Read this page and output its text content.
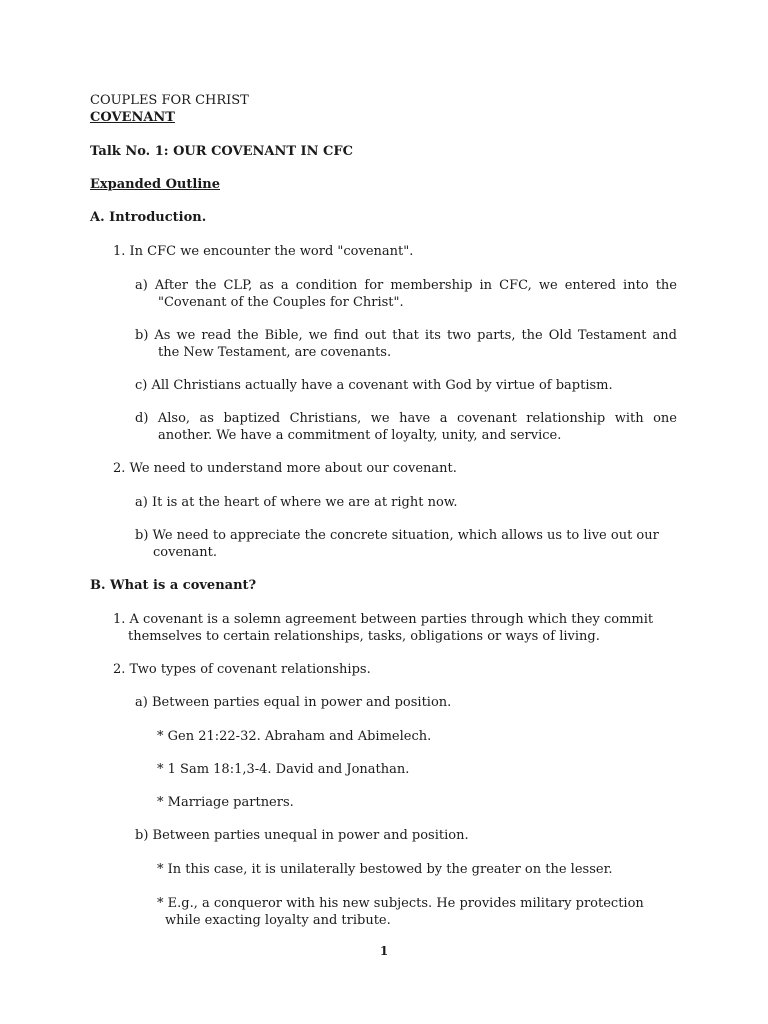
COUPLES FOR CHRIST
COVENANT
Talk No. 1: OUR COVENANT IN CFC
Expanded Outline
A. Introduction.
1. In CFC we encounter the word "covenant".
a) After the CLP, as a condition for membership in CFC, we entered into the
"Covenant of the Couples for Christ".
b) As we read the Bible, we find out that its two parts, the Old Testament and
the New Testament, are covenants.
c) All Christians actually have a covenant with God by virtue of baptism.
d) Also, as baptized Christians, we have a covenant relationship with one
another. We have a commitment of loyalty, unity, and service.
2. We need to understand more about our covenant.
a) It is at the heart of where we are at right now.
b) We need to appreciate the concrete situation, which allows us to live out our
covenant.
B. What is a covenant?
1. A covenant is a solemn agreement between parties through which they commit
themselves to certain relationships, tasks, obligations or ways of living.
2. Two types of covenant relationships.
a) Between parties equal in power and position.
* Gen 21:22-32. Abraham and Abimelech.
* 1 Sam 18:1,3-4. David and Jonathan.
* Marriage partners.
b) Between parties unequal in power and position.
* In this case, it is unilaterally bestowed by the greater on the lesser.
* E.g., a conqueror with his new subjects. He provides military protection
while exacting loyalty and tribute.
1
